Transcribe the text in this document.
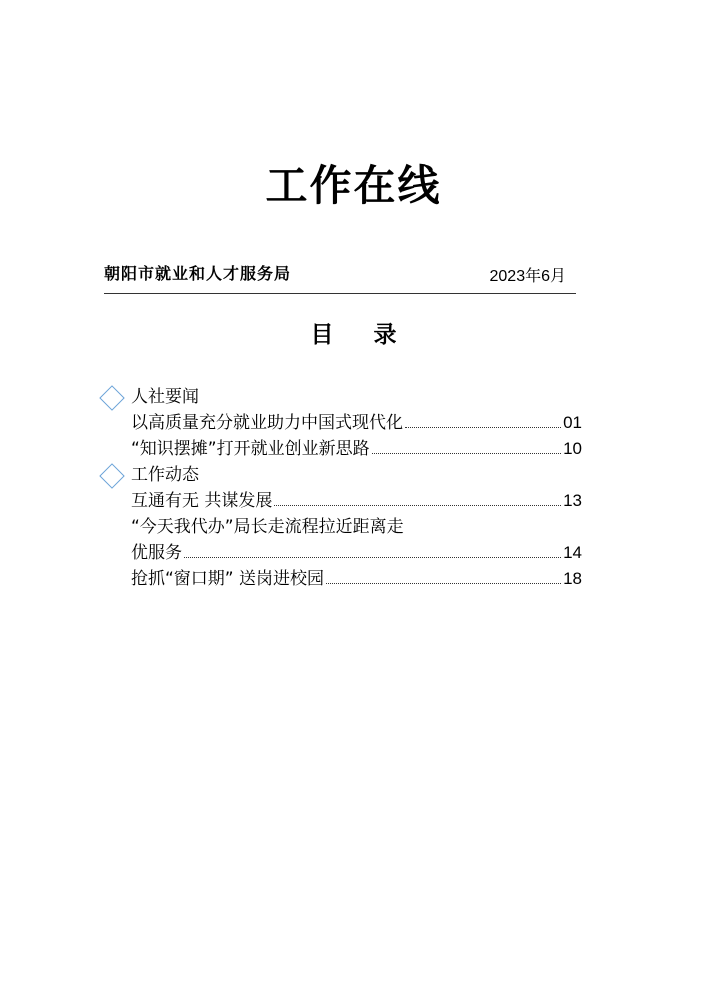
工作在线
朝阳市就业和人才服务局	2023年6月
目 录
人社要闻
以高质量充分就业助力中国式现代化	01
“知识摆摊”打开就业创业新思路	10
工作动态
互通有无 共谋发展	13
“今天我代办”局长走流程拉近距离走
优服务	14
抢抓“窗口期” 送岗进校园	18
